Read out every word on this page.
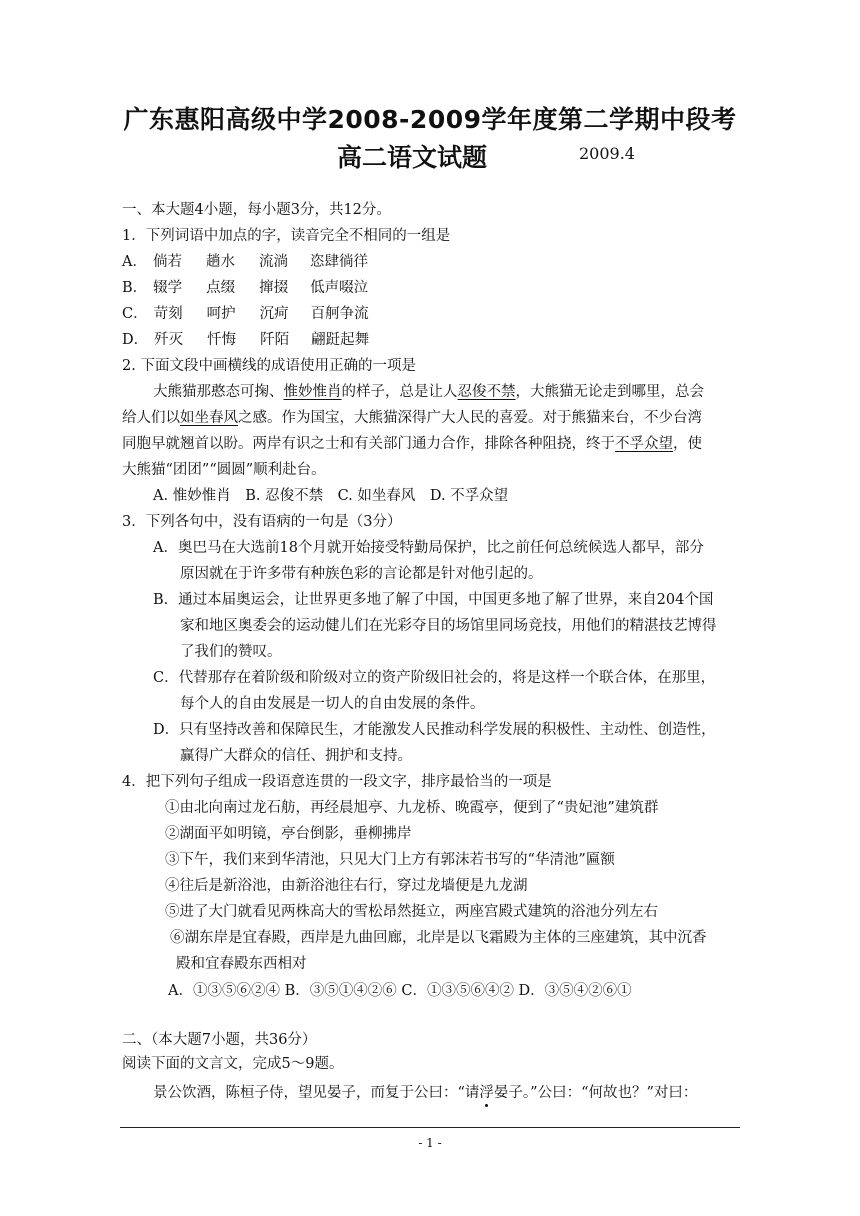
广东惠阳高级中学2008-2009学年度第二学期中段考
高二语文试题	2009.4
一、本大题4小题，每小题3分，共12分。
1．下列词语中加点的字，读音完全不相同的一组是
A． 倘若 趟水 流淌 恣肆徜徉
B． 辍学 点缀 撺掇 低声啜泣
C． 苛刻 呵护 沉疴 百舸争流
D． 歼灭 忏悔 阡陌 翩跹起舞
2. 下面文段中画横线的成语使用正确的一项是
大熊猫那憨态可掬、惟妙惟肖的样子，总是让人忍俊不禁，大熊猫无论走到哪里，总会
给人们以如坐春风之感。作为国宝，大熊猫深得广大人民的喜爱。对于熊猫来台，不少台湾
同胞早就翘首以盼。两岸有识之士和有关部门通力合作，排除各种阻挠，终于不孚众望，使
大熊猫“团团”“圆圆”顺利赴台。
A. 惟妙惟肖　B. 忍俊不禁　C. 如坐春风　D. 不孚众望
3．下列各句中，没有语病的一句是（3分）
A．奥巴马在大选前18个月就开始接受特勤局保护，比之前任何总统候选人都早，部分
原因就在于许多带有种族色彩的言论都是针对他引起的。
B．通过本届奥运会，让世界更多地了解了中国，中国更多地了解了世界，来自204个国
家和地区奥委会的运动健儿们在光彩夺目的场馆里同场竞技，用他们的精湛技艺博得
了我们的赞叹。
C．代替那存在着阶级和阶级对立的资产阶级旧社会的，将是这样一个联合体，在那里，
每个人的自由发展是一切人的自由发展的条件。
D．只有坚持改善和保障民生，才能激发人民推动科学发展的积极性、主动性、创造性，
赢得广大群众的信任、拥护和支持。
4．把下列句子组成一段语意连贯的一段文字，排序最恰当的一项是
①由北向南过龙石舫，再经晨旭亭、九龙桥、晚霞亭，便到了“贵妃池”建筑群
②湖面平如明镜，亭台倒影，垂柳拂岸
③下午，我们来到华清池，只见大门上方有郭沫若书写的“华清池”匾额
④往后是新浴池，由新浴池往右行，穿过龙墙便是九龙湖
⑤进了大门就看见两株高大的雪松昂然挺立，两座宫殿式建筑的浴池分列左右
⑥湖东岸是宜春殿，西岸是九曲回廊，北岸是以飞霜殿为主体的三座建筑，其中沉香
殿和宜春殿东西相对
A．①③⑤⑥②④ B．③⑤①④②⑥ C．①③⑤⑥④② D．③⑤④②⑥①
二、（本大题7小题，共36分）
阅读下面的文言文，完成5～9题。
景公饮酒，陈桓子侍，望见晏子，而复于公曰：“请浮晏子。”公曰：“何故也？”对曰：
- 1 -
